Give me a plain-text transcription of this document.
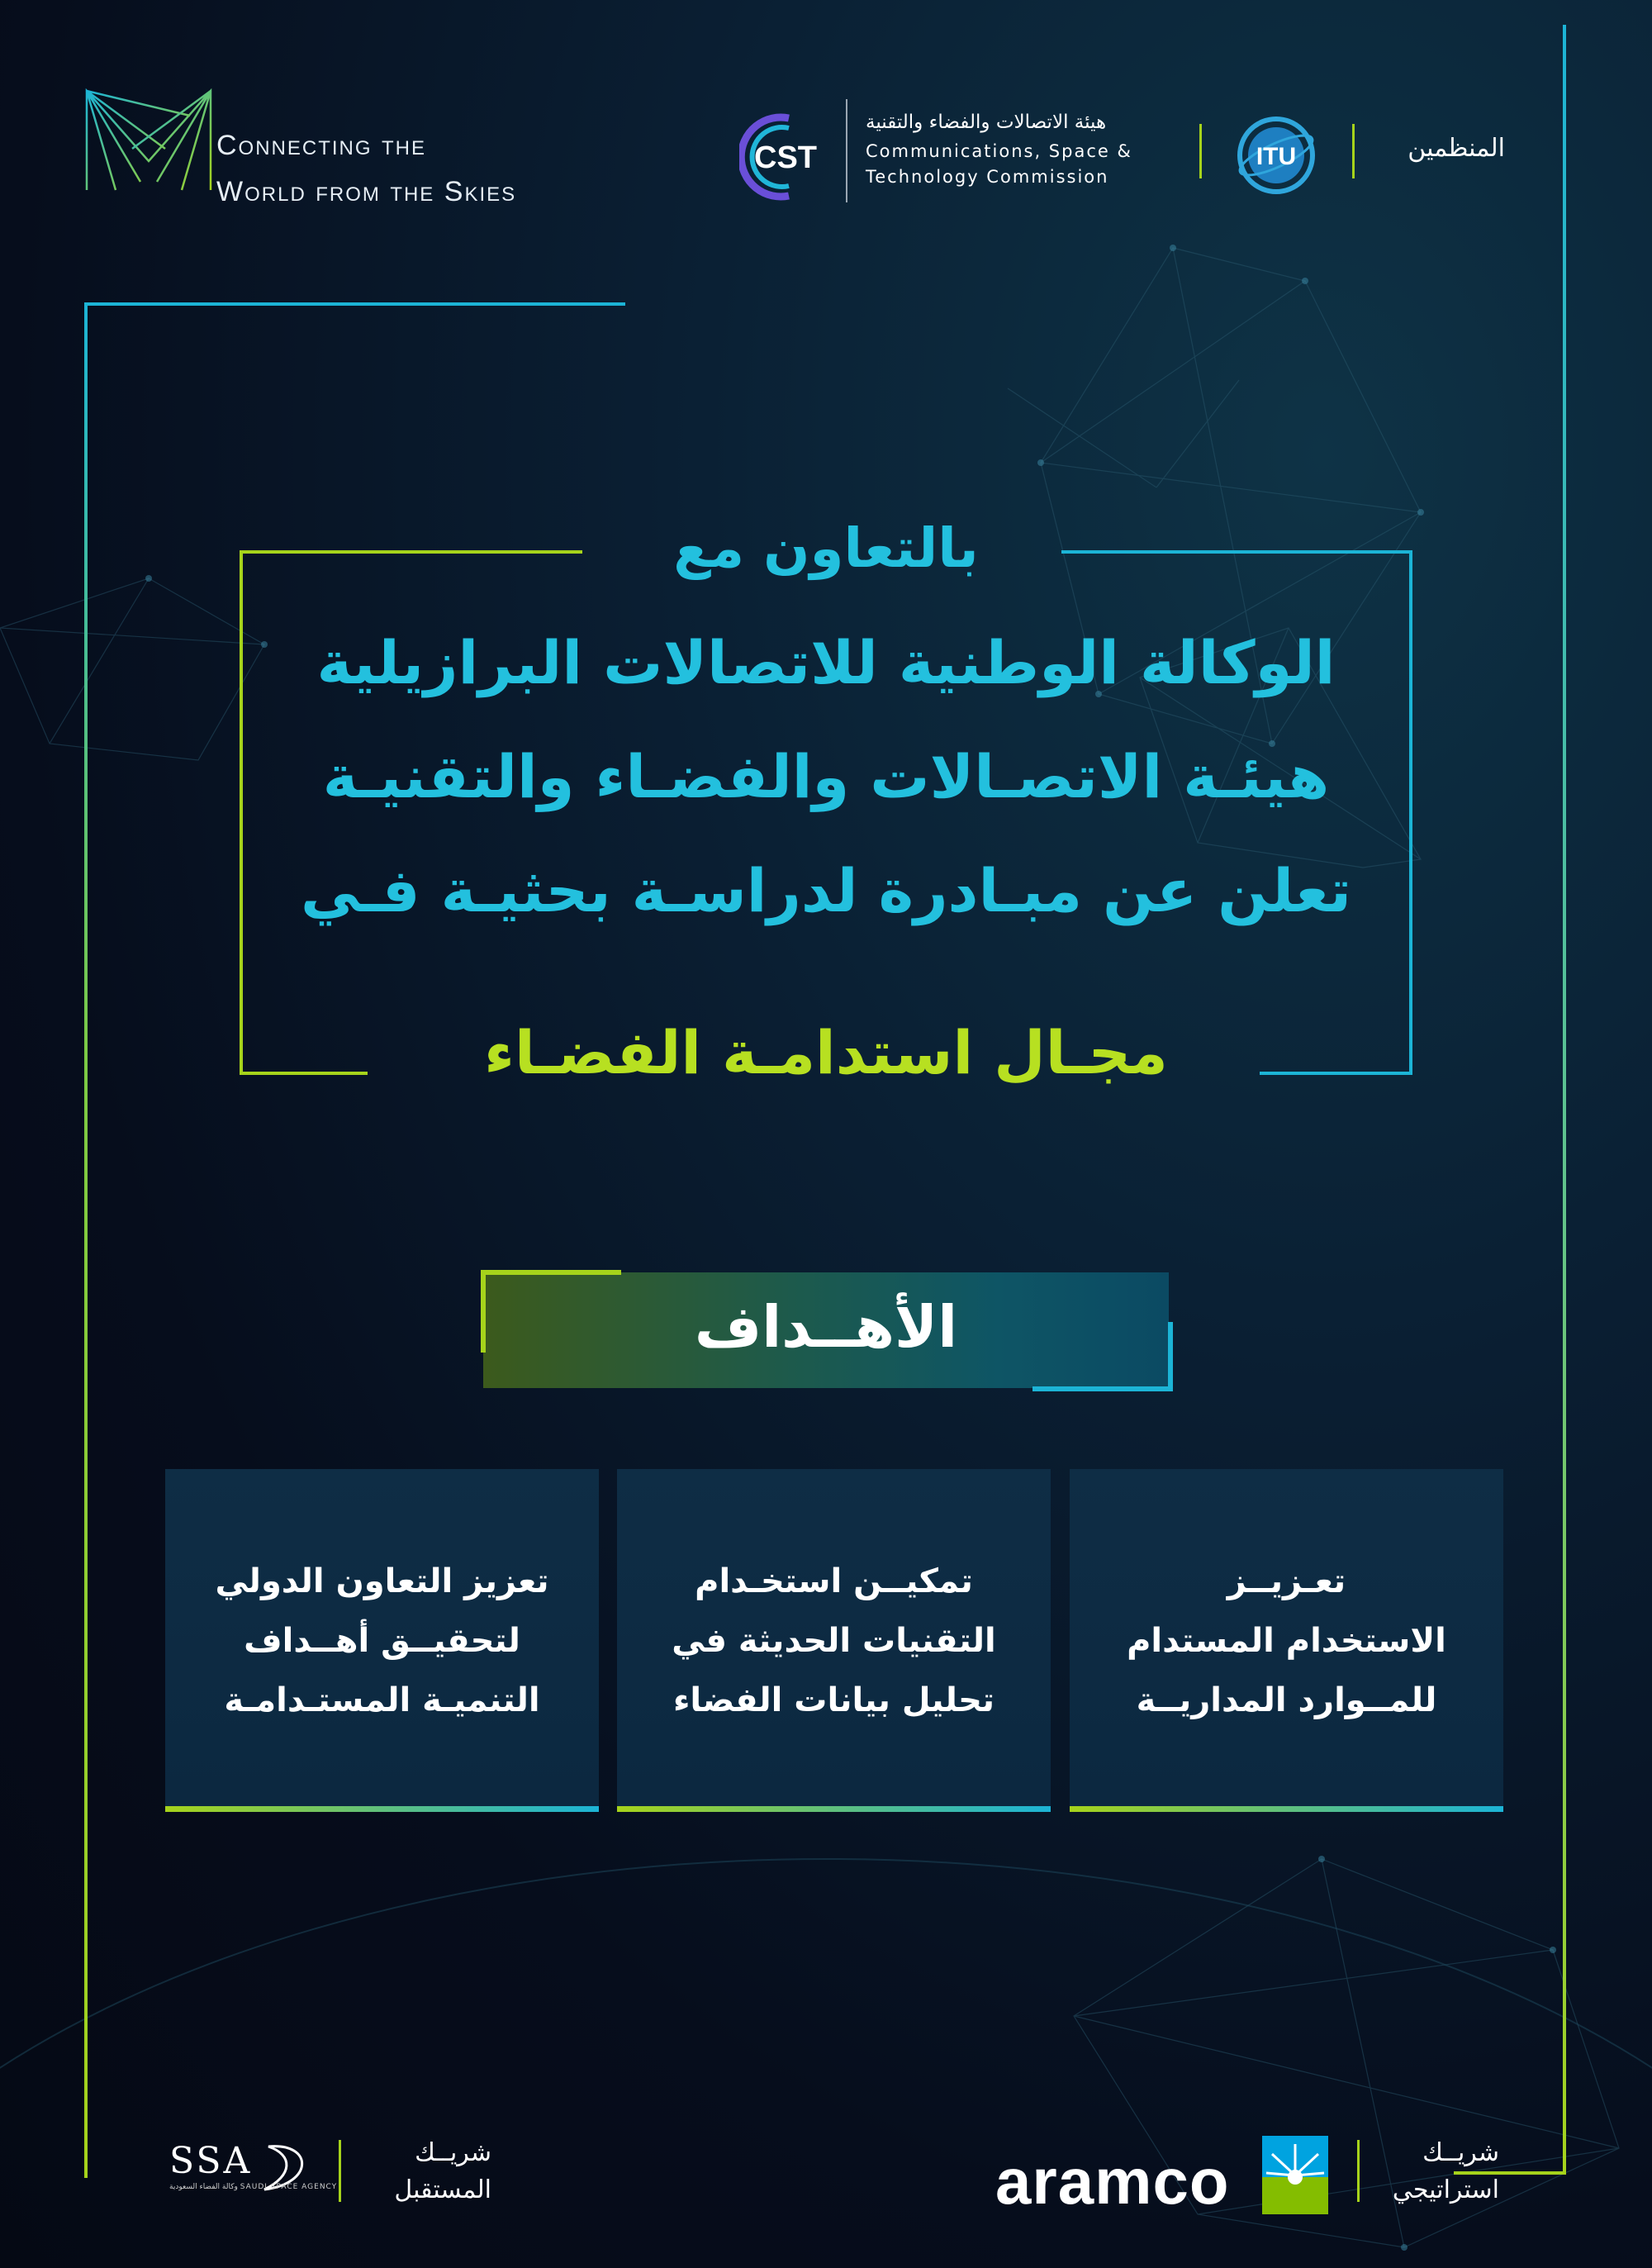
Connecting the
World from the Skies
CST
هيئة الاتصالات والفضاء والتقنية
Communications, Space &
Technology Commission
ITU	المنظمين
بالتعاون مع
الوكالة الوطنية للاتصالات البرازيلية
هيئـة الاتصـالات والفضـاء والتقنيـة
تعلن عن مبـادرة لدراسـة بحثيـة فـي
مجـال استدامـة الفضـاء
الأهــداف
تعـزيــز
الاستخدام المستدام
للمــوارد المداريــة
تمكيــن استخـدام
التقنيات الحديثة في
تحليل بيانات الفضاء
تعزيز التعاون الدولي
لتحقيــق أهــداف
التنميـة المستـدامـة
SSA
وكالة الفضاء السعودية SAUDI SPACE AGENCY
شريــك
المستقبل	aramco	شريــك
استراتيجي
